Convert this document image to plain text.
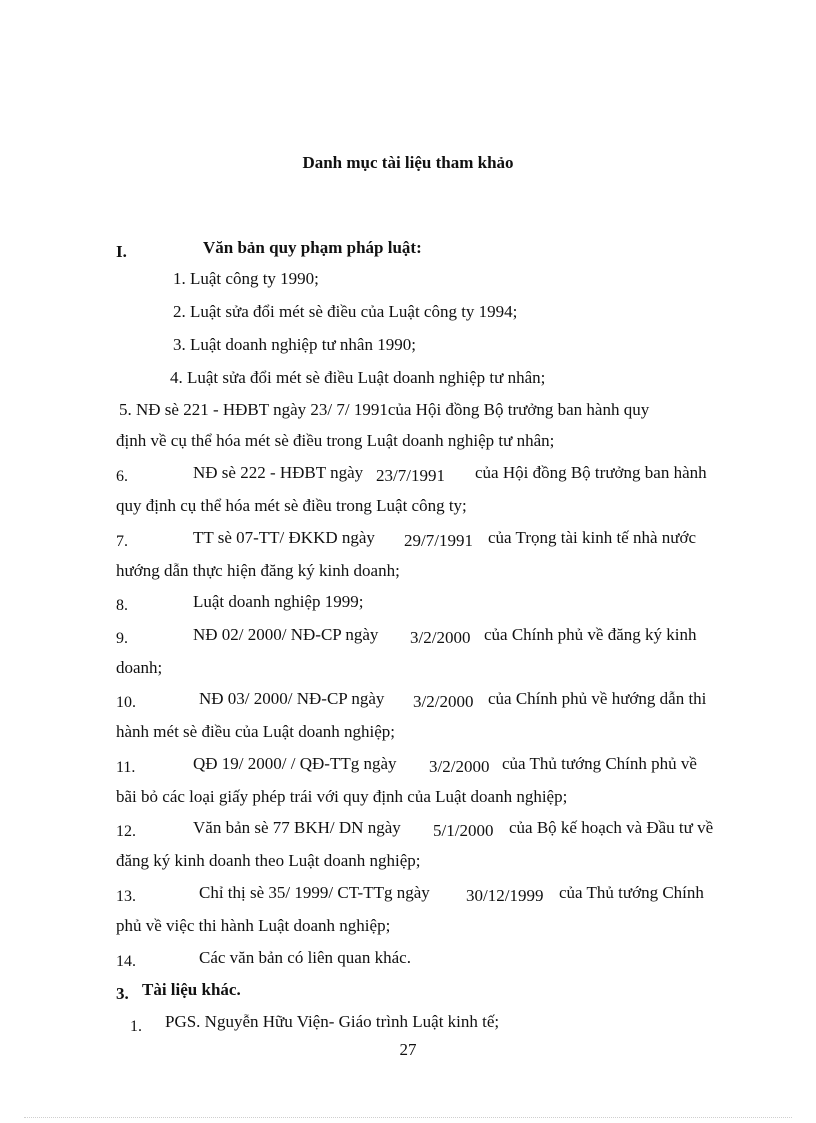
Danh mục tài liệu tham khảo
I.	Văn bản quy phạm pháp luật:
1. Luật công ty 1990;
2. Luật sửa đổi mét sè điều của Luật công ty 1994;
3. Luật doanh nghiệp tư nhân 1990;
4. Luật sửa đổi mét sè điều Luật doanh nghiệp tư nhân;
5. NĐ sè 221 - HĐBT ngày 23/ 7/ 1991của Hội đồng Bộ trưởng ban hành quy
định về cụ thể hóa mét sè điều trong Luật doanh nghiệp tư nhân;
6.	NĐ sè 222 - HĐBT ngày 23/7/1991 của Hội đồng Bộ trưởng ban hành
quy định cụ thể hóa mét sè điều trong Luật công ty;
7.	TT sè 07-TT/ ĐKKD ngày 29/7/1991 của Trọng tài kinh tế nhà nước
hướng dẫn thực hiện đăng ký kinh doanh;
8.	Luật doanh nghiệp 1999;
9.	NĐ 02/ 2000/ NĐ-CP ngày 3/2/2000 của Chính phủ về đăng ký kinh
doanh;
10.	NĐ 03/ 2000/ NĐ-CP ngày 3/2/2000 của Chính phủ về hướng dẫn thi
hành mét sè điều của Luật doanh nghiệp;
11.	QĐ 19/ 2000/ / QĐ-TTg ngày 3/2/2000 của Thủ tướng Chính phủ về
bãi bỏ các loại giấy phép trái với quy định của Luật doanh nghiệp;
12.	Văn bản sè 77 BKH/ DN ngày 5/1/2000 của Bộ kế hoạch và Đầu tư về
đăng ký kinh doanh theo Luật doanh nghiệp;
13.	Chỉ thị sè 35/ 1999/ CT-TTg ngày 30/12/1999 của Thủ tướng Chính
phủ về việc thi hành Luật doanh nghiệp;
14.	Các văn bản có liên quan khác.
3. Tài liệu khác.
1. PGS. Nguyễn Hữu Viện- Giáo trình Luật kinh tế;
27
